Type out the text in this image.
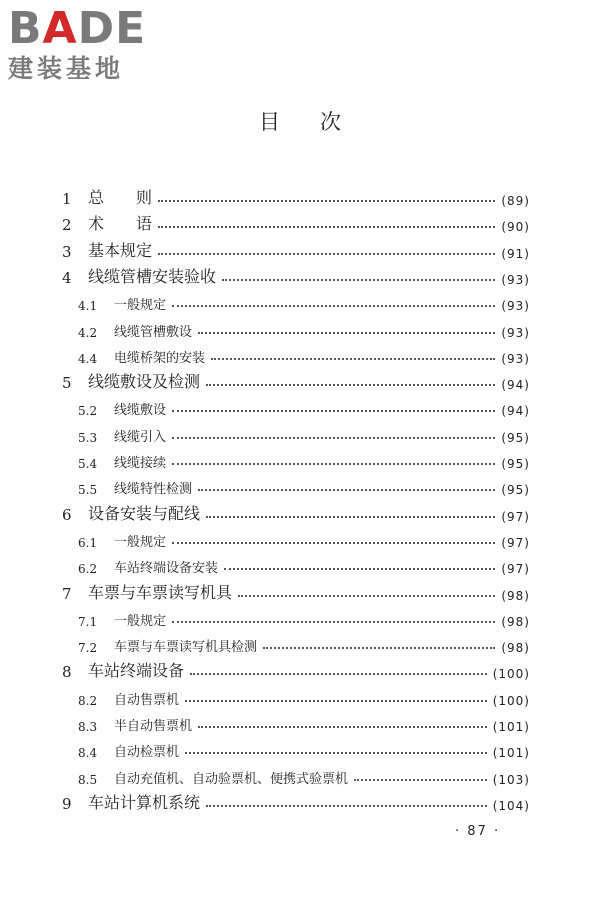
BADE
建装基地
目次
1	总　　则	(89)
2	术　　语	(90)
3	基本规定	(91)
4	线缆管槽安装验收	(93)
4.1	一般规定	(93)
4.2	线缆管槽敷设	(93)
4.4	电缆桥架的安装	(93)
5	线缆敷设及检测	(94)
5.2	线缆敷设	(94)
5.3	线缆引入	(95)
5.4	线缆接续	(95)
5.5	线缆特性检测	(95)
6	设备安装与配线	(97)
6.1	一般规定	(97)
6.2	车站终端设备安装	(97)
7	车票与车票读写机具	(98)
7.1	一般规定	(98)
7.2	车票与车票读写机具检测	(98)
8	车站终端设备	(100)
8.2	自动售票机	(100)
8.3	半自动售票机	(101)
8.4	自动检票机	(101)
8.5	自动充值机、自动验票机、便携式验票机	(103)
9	车站计算机系统	(104)
· 87 ·
